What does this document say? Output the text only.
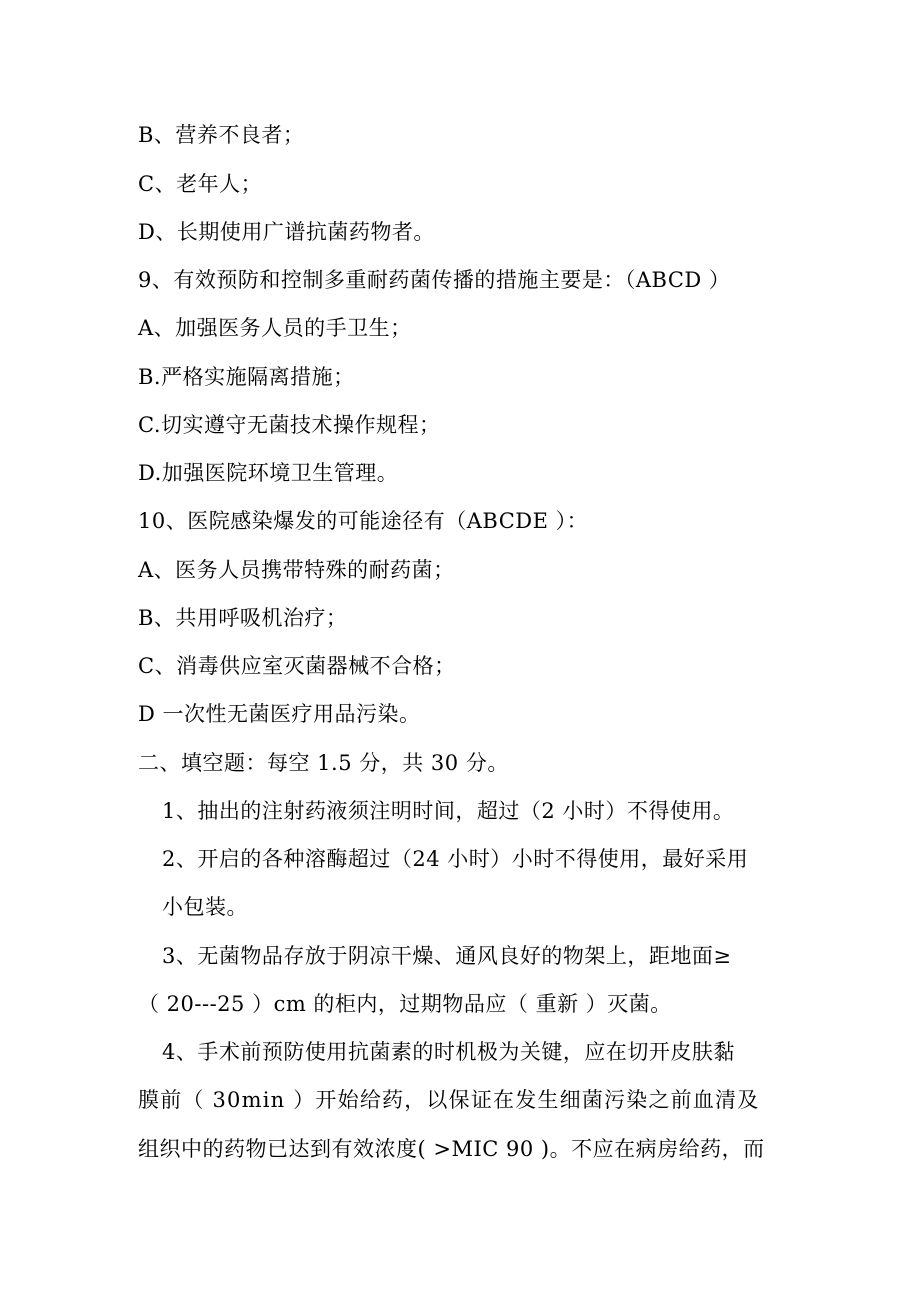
B、营养不良者；
C、老年人；
D、长期使用广谱抗菌药物者。
9、有效预防和控制多重耐药菌传播的措施主要是：（ABCD ）
A、加强医务人员的手卫生；
B.严格实施隔离措施；
C.切实遵守无菌技术操作规程；
D.加强医院环境卫生管理。
10、医院感染爆发的可能途径有（ABCDE ）：
A、医务人员携带特殊的耐药菌；
B、共用呼吸机治疗；
C、消毒供应室灭菌器械不合格；
D 一次性无菌医疗用品污染。
二、填空题：每空 1.5 分，共 30 分。
1、抽出的注射药液须注明时间，超过（2 小时）不得使用。
2、开启的各种溶酶超过（24 小时）小时不得使用，最好采用
小包装。
3、无菌物品存放于阴凉干燥、通风良好的物架上，距地面≥
（ 20---25 ）cm 的柜内，过期物品应（ 重新 ）灭菌。
4、手术前预防使用抗菌素的时机极为关键，应在切开皮肤黏
膜前（ 30min ）开始给药，以保证在发生细菌污染之前血清及
组织中的药物已达到有效浓度( >MIC 90 )。不应在病房给药，而
